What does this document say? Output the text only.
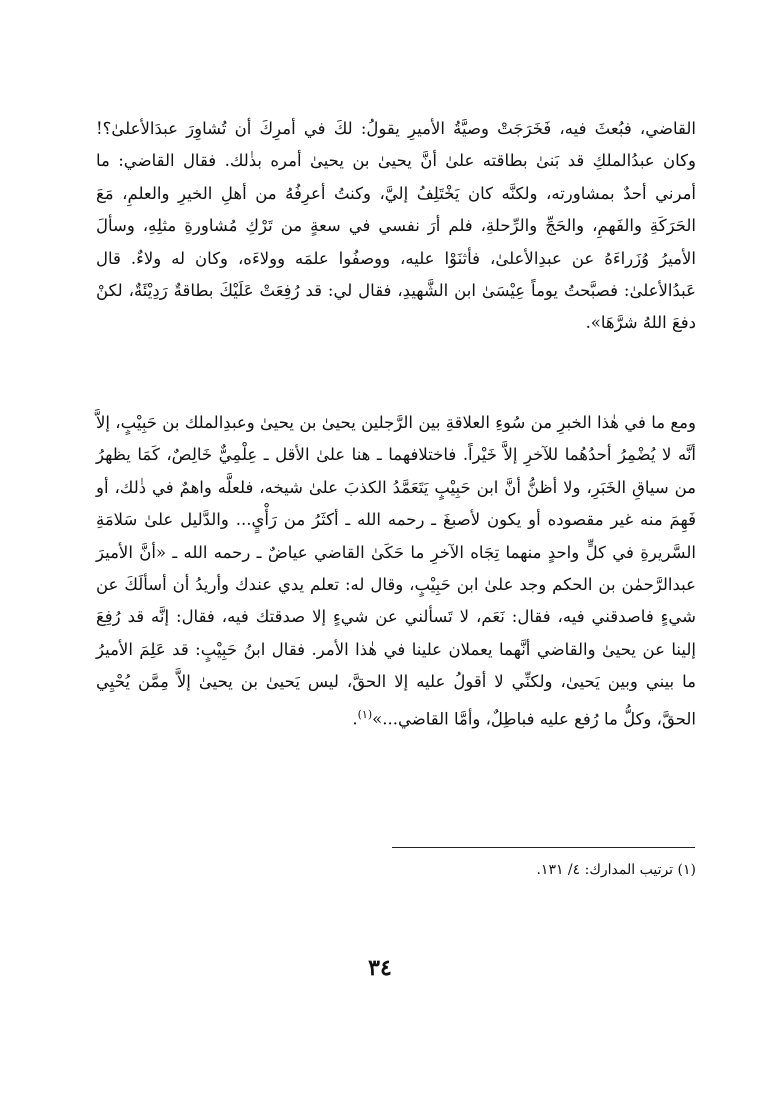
القاضي، فبُعثَ فيه، فَخَرَجَتْ وصيَّةُ الأميرِ يقولُ: لكَ في أمرِكَ أن تُشاوِرَ عبدَالأعلىٰ؟! وكان عبدُالملكِ قد بَنىٰ بطاقته علىٰ أنَّ يحيىٰ بن يحيىٰ أمره بذٰلك. فقال القاضي: ما أمرني أحدٌ بمشاورته، ولكنَّه كان يَخْتَلِفُ إليَّ، وكنتُ أعرِفُهُ من أهلِ الخيرِ والعلمِ، مَعَ الحَرَكَةِ والفَهمِ، والحَجِّ والرِّحلةِ، فلم أرَ نفسي في سعةٍ من تَرْكِ مُشاورةِ مثلِهِ، وسألَ الأميرُ وُزَراءَهُ عن عبدِالأعلىٰ، فأثنَوْا عليه، ووصفُوا علمَه وولاءَه، وكان له ولاءٌ. قال عَبدُالأعلىٰ: فصبَّحتُ يوماً عِيْسَىٰ ابن الشَّهيدِ، فقال لي: قد رُفِعَتْ عَلَيْكَ بطاقةٌ رَدِيْئَةٌ، لكنْ دفعَ اللهُ شرَّهَا».

ومع ما في هٰذا الخبرِ من سُوءِ العلاقةِ بين الرَّجلين يحيىٰ بن يحيىٰ وعبدِالملك بن حَبِيْبٍ، إلاَّ أنَّه لا يُضْمِرُ أحدُهُما للآخرِ إلاَّ خَيْراً. فاختلافهما ـ هنا علىٰ الأقل ـ عِلْمِيٌّ خَالِصٌ، كَمَا يظهرُ من سياقِ الخَبَرِ، ولا أظنُّ أنَّ ابن حَبِيْبٍ يَتَعَمَّدُ الكذبَ علىٰ شيخه، فلعلَّه واهمٌ في ذٰلك، أو فَهِمَ منه غير مقصوده أو يكون لأصبغَ ـ رحمه الله ـ أكثَرُ من رَأْيٍ... والدَّليل علىٰ سَلامَةِ السَّريرةِ في كلٍّ واحدٍ منهما تِجَاه الآخرِ ما حَكَىٰ القاضي عياضٌ ـ رحمه الله ـ «أنَّ الأميرَ عبدالرَّحمٰن بن الحكم وجد علىٰ ابن حَبِيْبٍ، وقال له: تعلم يدي عندك وأريدُ أن أسألَكَ عن شيءٍ فاصدقني فيه، فقال: نَعَم، لا تَسألني عن شيءٍ إلا صدقتك فيه، فقال: إنَّه قد رُفِعَ إلينا عن يحيىٰ والقاضي أنَّهما يعملان علينا في هٰذا الأمر. فقال ابنُ حَبِيْبٍ: قد عَلِمَ الأميرُ ما بيني وبين يَحيىٰ، ولكنِّي لا أقولُ عليه إلا الحقَّ، ليس يَحيىٰ بن يحيىٰ إلاَّ مِمَّن يُحْيِي الحقَّ، وكلُّ ما رُفع عليه فباطِلٌ، وأمَّا القاضي...»$^{(١)}$.

(١) ترتيب المدارك: ٤/ ١٣١.
٣٤
